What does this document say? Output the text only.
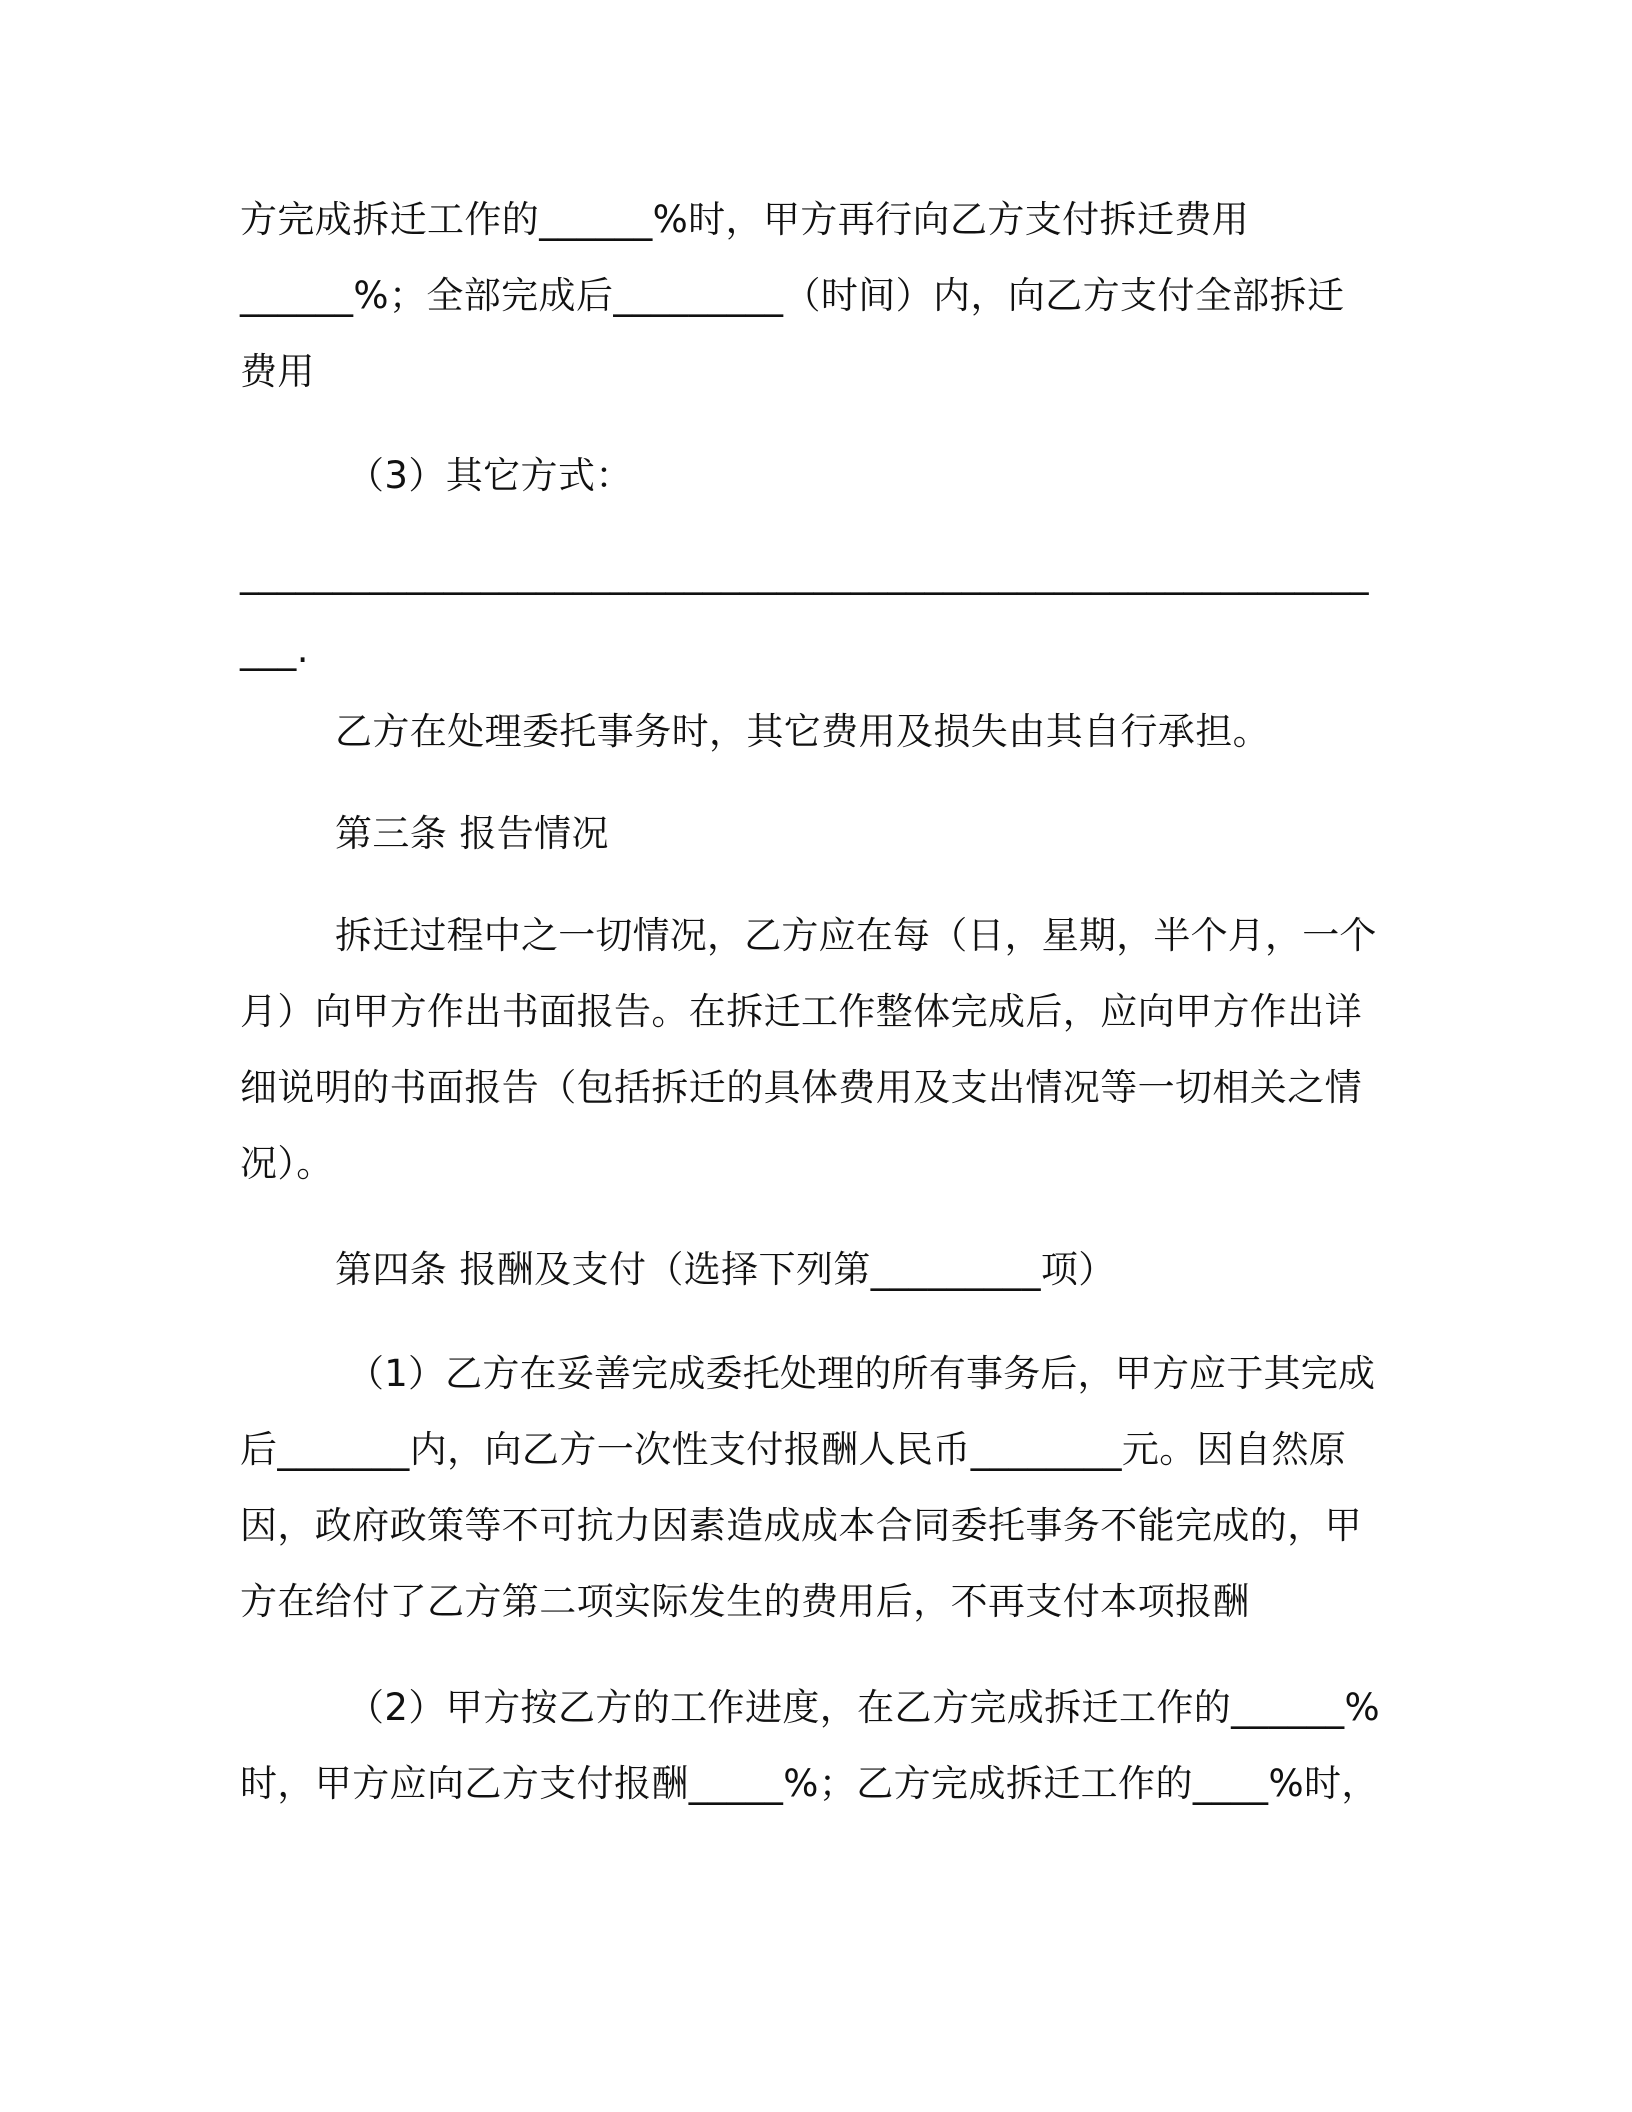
方完成拆迁工作的______%时，甲方再行向乙方支付拆迁费用
______%；全部完成后_________（时间）内，向乙方支付全部拆迁
费用
（3）其它方式：
_____________________________________________________________
___.
乙方在处理委托事务时，其它费用及损失由其自行承担。
第三条 报告情况
拆迁过程中之一切情况，乙方应在每（日，星期，半个月，一个
月）向甲方作出书面报告。在拆迁工作整体完成后，应向甲方作出详
细说明的书面报告（包括拆迁的具体费用及支出情况等一切相关之情
况）。
第四条 报酬及支付（选择下列第_________项）
（1）乙方在妥善完成委托处理的所有事务后，甲方应于其完成
后_______内，向乙方一次性支付报酬人民币________元。因自然原
因，政府政策等不可抗力因素造成成本合同委托事务不能完成的，甲
方在给付了乙方第二项实际发生的费用后，不再支付本项报酬
（2）甲方按乙方的工作进度，在乙方完成拆迁工作的______%
时，甲方应向乙方支付报酬_____%；乙方完成拆迁工作的____%时，
